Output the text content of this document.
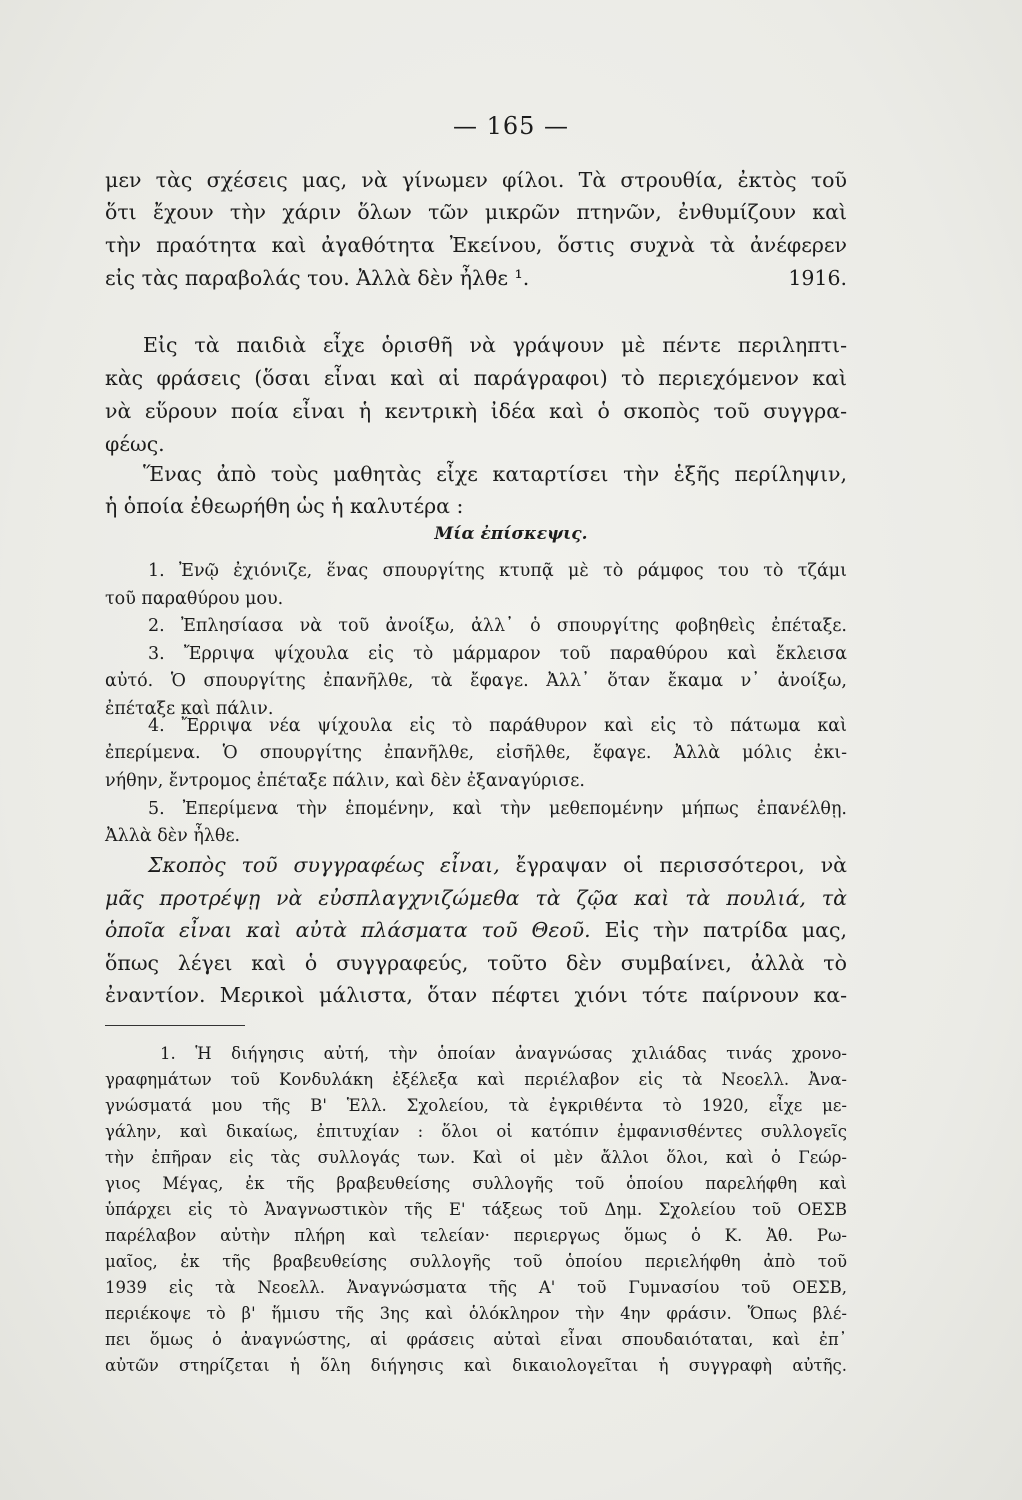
— 165 —
μεν τὰς σχέσεις μας, νὰ γίνωμεν φίλοι. Τὰ στρουθία, ἐκτὸς τοῦ
ὅτι ἔχουν τὴν χάριν ὅλων τῶν μικρῶν πτηνῶν, ἐνθυμίζουν καὶ
τὴν πραότητα καὶ ἀγαθότητα Ἐκείνου, ὅστις συχνὰ τὰ ἀνέφερεν
εἰς τὰς παραβολάς του. Ἀλλὰ δὲν ἦλθε ¹.	1916.
Εἰς τὰ παιδιὰ εἶχε ὁρισθῆ νὰ γράψουν μὲ πέντε περιληπτι-
κὰς φράσεις (ὅσαι εἶναι καὶ αἱ παράγραφοι) τὸ περιεχόμενον καὶ
νὰ εὕρουν ποία εἶναι ἡ κεντρικὴ ἰδέα καὶ ὁ σκοπὸς τοῦ συγγρα-
φέως.
Ἕνας ἀπὸ τοὺς μαθητὰς εἶχε καταρτίσει τὴν ἑξῆς περίληψιν,
ἡ ὁποία ἐθεωρήθη ὡς ἡ καλυτέρα :
Μία ἐπίσκεψις.
1. Ἐνῷ ἐχιόνιζε, ἕνας σπουργίτης κτυπᾷ μὲ τὸ ράμφος του τὸ τζάμι
τοῦ παραθύρου μου.
2. Ἐπλησίασα νὰ τοῦ ἀνοίξω, ἀλλ᾽ ὁ σπουργίτης φοβηθεὶς ἐπέταξε.
3. Ἔρριψα ψίχουλα εἰς τὸ μάρμαρον τοῦ παραθύρου καὶ ἔκλεισα
αὐτό. Ὁ σπουργίτης ἐπανῆλθε, τὰ ἔφαγε. Ἀλλ᾽ ὅταν ἔκαμα ν᾽ ἀνοίξω,
ἐπέταξε καὶ πάλιν.
4. Ἔρριψα νέα ψίχουλα εἰς τὸ παράθυρον καὶ εἰς τὸ πάτωμα καὶ
ἐπερίμενα. Ὁ σπουργίτης ἐπανῆλθε, εἰσῆλθε, ἔφαγε. Ἀλλὰ μόλις ἐκι-
νήθην, ἔντρομος ἐπέταξε πάλιν, καὶ δὲν ἐξαναγύρισε.
5. Ἐπερίμενα τὴν ἑπομένην, καὶ τὴν μεθεπομένην μήπως ἐπανέλθῃ.
Ἀλλὰ δὲν ἦλθε.
Σκοπὸς τοῦ συγγραφέως εἶναι, ἔγραψαν οἱ περισσότεροι, νὰ
μᾶς προτρέψῃ νὰ εὐσπλαγχνιζώμεθα τὰ ζῷα καὶ τὰ πουλιά, τὰ
ὁποῖα εἶναι καὶ αὐτὰ πλάσματα τοῦ Θεοῦ. Εἰς τὴν πατρίδα μας,
ὅπως λέγει καὶ ὁ συγγραφεύς, τοῦτο δὲν συμβαίνει, ἀλλὰ τὸ
ἐναντίον. Μερικοὶ μάλιστα, ὅταν πέφτει χιόνι τότε παίρνουν κα-
1. Ἡ διήγησις αὐτή, τὴν ὁποίαν ἀναγνώσας χιλιάδας τινάς χρονο-
γραφημάτων τοῦ Κονδυλάκη ἐξέλεξα καὶ περιέλαβον εἰς τὰ Νεοελλ. Ἀνα-
γνώσματά μου τῆς Β' Ἑλλ. Σχολείου, τὰ ἐγκριθέντα τὸ 1920, εἶχε με-
γάλην, καὶ δικαίως, ἐπιτυχίαν : ὅλοι οἱ κατόπιν ἐμφανισθέντες συλλογεῖς
τὴν ἐπῆραν εἰς τὰς συλλογάς των. Καὶ οἱ μὲν ἄλλοι ὅλοι, καὶ ὁ Γεώρ-
γιος Μέγας, ἐκ τῆς βραβευθείσης συλλογῆς τοῦ ὁποίου παρελήφθη καὶ
ὑπάρχει εἰς τὸ Ἀναγνωστικὸν τῆς Ε' τάξεως τοῦ Δημ. Σχολείου τοῦ ΟΕΣΒ
παρέλαβον αὐτὴν πλήρη καὶ τελείαν· περιεργως ὅμως ὁ Κ. Ἀθ. Ρω-
μαῖος, ἐκ τῆς βραβευθείσης συλλογῆς τοῦ ὁποίου περιελήφθη ἀπὸ τοῦ
1939 εἰς τὰ Νεοελλ. Ἀναγνώσματα τῆς Α' τοῦ Γυμνασίου τοῦ ΟΕΣΒ,
περιέκοψε τὸ β' ἥμισυ τῆς 3ης καὶ ὁλόκληρον τὴν 4ην φράσιν. Ὅπως βλέ-
πει ὅμως ὁ ἀναγνώστης, αἱ φράσεις αὐταὶ εἶναι σπουδαιόταται, καὶ ἐπ᾽
αὐτῶν στηρίζεται ἡ ὅλη διήγησις καὶ δικαιολογεῖται ἡ συγγραφὴ αὐτῆς.
